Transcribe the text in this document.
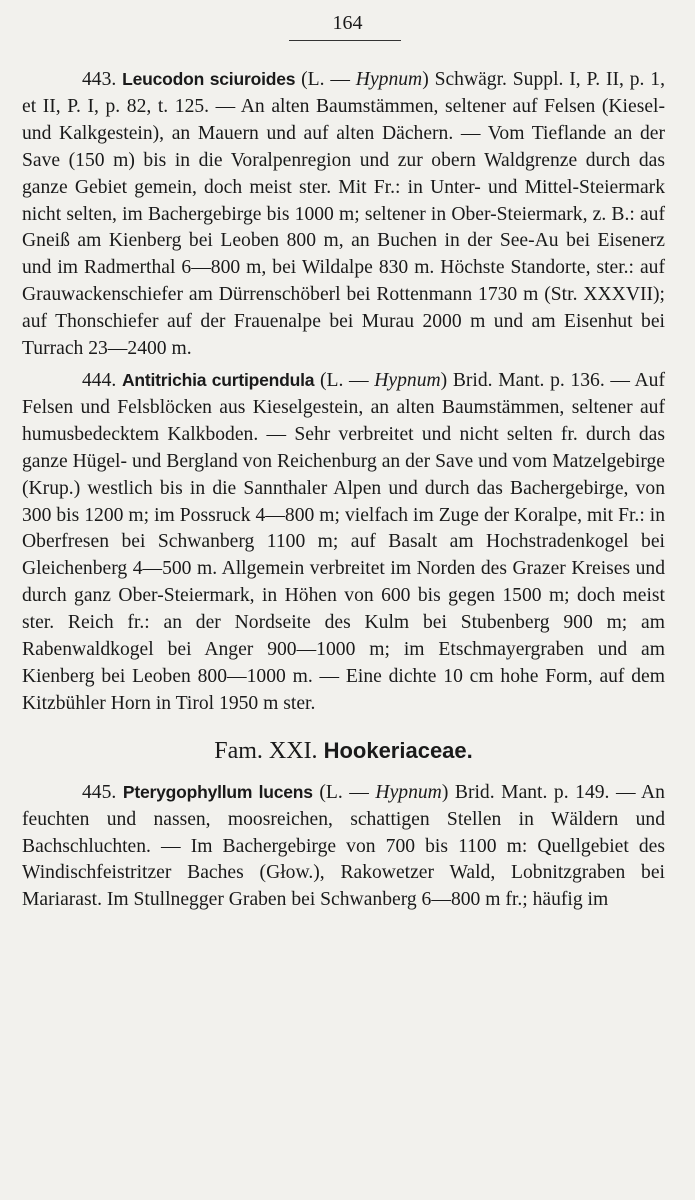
164

443. Leucodon sciuroides (L. — Hypnum) Schwägr. Suppl. I, P. II, p. 1, et II, P. I, p. 82, t. 125. — An alten Baumstämmen, seltener auf Felsen (Kiesel- und Kalkgestein), an Mauern und auf alten Dächern. — Vom Tieflande an der Save (150 m) bis in die Voralpenregion und zur obern Waldgrenze durch das ganze Gebiet gemein, doch meist ster. Mit Fr.: in Unter- und Mittel-Steiermark nicht selten, im Bachergebirge bis 1000 m; seltener in Ober-Steiermark, z. B.: auf Gneiß am Kienberg bei Leoben 800 m, an Buchen in der See-Au bei Eisenerz und im Radmerthal 6—800 m, bei Wildalpe 830 m. Höchste Standorte, ster.: auf Grauwackenschiefer am Dürrenschöberl bei Rottenmann 1730 m (Str. XXXVII); auf Thonschiefer auf der Frauenalpe bei Murau 2000 m und am Eisenhut bei Turrach 23—2400 m.

444. Antitrichia curtipendula (L. — Hypnum) Brid. Mant. p. 136. — Auf Felsen und Felsblöcken aus Kieselgestein, an alten Baumstämmen, seltener auf humusbedecktem Kalkboden. — Sehr verbreitet und nicht selten fr. durch das ganze Hügel- und Bergland von Reichenburg an der Save und vom Matzelgebirge (Krup.) westlich bis in die Sannthaler Alpen und durch das Bachergebirge, von 300 bis 1200 m; im Possruck 4—800 m; vielfach im Zuge der Koralpe, mit Fr.: in Oberfresen bei Schwanberg 1100 m; auf Basalt am Hochstradenkogel bei Gleichenberg 4—500 m. Allgemein verbreitet im Norden des Grazer Kreises und durch ganz Ober-Steiermark, in Höhen von 600 bis gegen 1500 m; doch meist ster. Reich fr.: an der Nordseite des Kulm bei Stubenberg 900 m; am Rabenwaldkogel bei Anger 900—1000 m; im Etschmayergraben und am Kienberg bei Leoben 800—1000 m. — Eine dichte 10 cm hohe Form, auf dem Kitzbühler Horn in Tirol 1950 m ster.

Fam. XXI. Hookeriaceae.

445. Pterygophyllum lucens (L. — Hypnum) Brid. Mant. p. 149. — An feuchten und nassen, moosreichen, schattigen Stellen in Wäldern und Bachschluchten. — Im Bachergebirge von 700 bis 1100 m: Quellgebiet des Windischfeistritzer Baches (Głow.), Rakowetzer Wald, Lobnitzgraben bei Mariarast. Im Stullnegger Graben bei Schwanberg 6—800 m fr.; häufig im
